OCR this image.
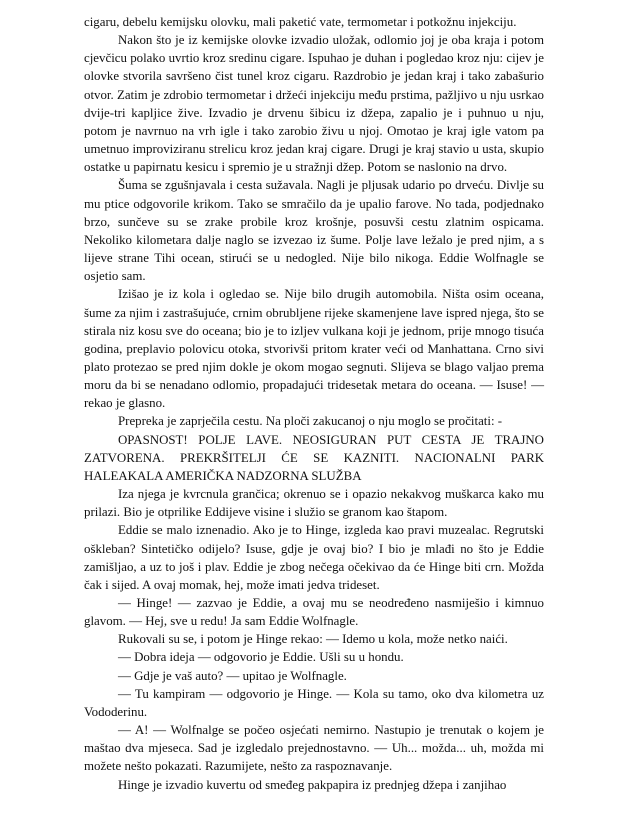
cigaru, debelu kemijsku olovku, mali paketić vate, termometar i potkožnu injekciju.

Nakon što je iz kemijske olovke izvadio uložak, odlomio joj je oba kraja i potom cjevčicu polako uvrtio kroz sredinu cigare. Ispuhao je duhan i pogledao kroz nju: cijev je olovke stvorila savršeno čist tunel kroz cigaru. Razdrobio je jedan kraj i tako zabašurio otvor. Zatim je zdrobio termometar i držeći injekciju među prstima, pažljivo u nju usrkao dvije-tri kapljice žive. Izvadio je drvenu šibicu iz džepa, zapalio je i puhnuo u nju, potom je navrnuo na vrh igle i tako zarobio živu u njoj. Omotao je kraj igle vatom pa umetnuo improviziranu strelicu kroz jedan kraj cigare. Drugi je kraj stavio u usta, skupio ostatke u papirnatu kesicu i spremio je u stražnji džep. Potom se naslonio na drvo.

Šuma se zgušnjavala i cesta sužavala. Nagli je pljusak udario po drveću. Divlje su mu ptice odgovorile krikom. Tako se smračilo da je upalio farove. No tada, podjednako brzo, sunčeve su se zrake probile kroz krošnje, posuvši cestu zlatnim ospicama. Nekoliko kilometara dalje naglo se izvezao iz šume. Polje lave ležalo je pred njim, a s lijeve strane Tihi ocean, stirući se u nedogled. Nije bilo nikoga. Eddie Wolfnagle se osjetio sam.

Izišao je iz kola i ogledao se. Nije bilo drugih automobila. Ništa osim oceana, šume za njim i zastrašujuće, crnim obrubljene rijeke skamenjene lave ispred njega, što se stirala niz kosu sve do oceana; bio je to izljev vulkana koji je jednom, prije mnogo tisuća godina, preplavio polovicu otoka, stvorivši pritom krater veći od Manhattana. Crno sivi plato protezao se pred njim dokle je okom mogao segnuti. Slijeva se blago valjao prema moru da bi se nenadano odlomio, propadajući tridesetak metara do oceana. — Isuse! — rekao je glasno.

Prepreka je zaprječila cestu. Na ploči zakucanoj o nju moglo se pročitati: -

OPASNOST! POLJE LAVE. NEOSIGURAN PUT CESTA JE TRAJNO ZATVORENA. PREKRŠITELJI ĆE SE KAZNITI. NACIONALNI PARK HALEAKALA AMERIČKA NADZORNA SLUŽBA

Iza njega je kvrcnula grančica; okrenuo se i opazio nekakvog muškarca kako mu prilazi. Bio je otprilike Eddijeve visine i služio se granom kao štapom.

Eddie se malo iznenadio. Ako je to Hinge, izgleda kao pravi muzealac. Regrutski oškleban? Sintetičko odijelo? Isuse, gdje je ovaj bio? I bio je mlađi no što je Eddie zamišljao, a uz to još i plav. Eddie je zbog nečega očekivao da će Hinge biti crn. Možda čak i sijed. A ovaj momak, hej, može imati jedva trideset.

— Hinge! — zazvao je Eddie, a ovaj mu se neodređeno nasmiješio i kimnuo glavom. — Hej, sve u redu! Ja sam Eddie Wolfnagle.

Rukovali su se, i potom je Hinge rekao: — Idemo u kola, može netko naići.

— Dobra ideja — odgovorio je Eddie. Ušli su u hondu.

— Gdje je vaš auto? — upitao je Wolfnagle.

— Tu kampiram — odgovorio je Hinge. — Kola su tamo, oko dva kilometra uz Vododerinu.

— A! — Wolfnalge se počeo osjećati nemirno. Nastupio je trenutak o kojem je maštao dva mjeseca. Sad je izgledalo prejednostavno. — Uh... možda... uh, možda mi možete nešto pokazati. Razumijete, nešto za raspoznavanje.

Hinge je izvadio kuvertu od smeđeg pakpapira iz prednjeg džepa i zanjihao
